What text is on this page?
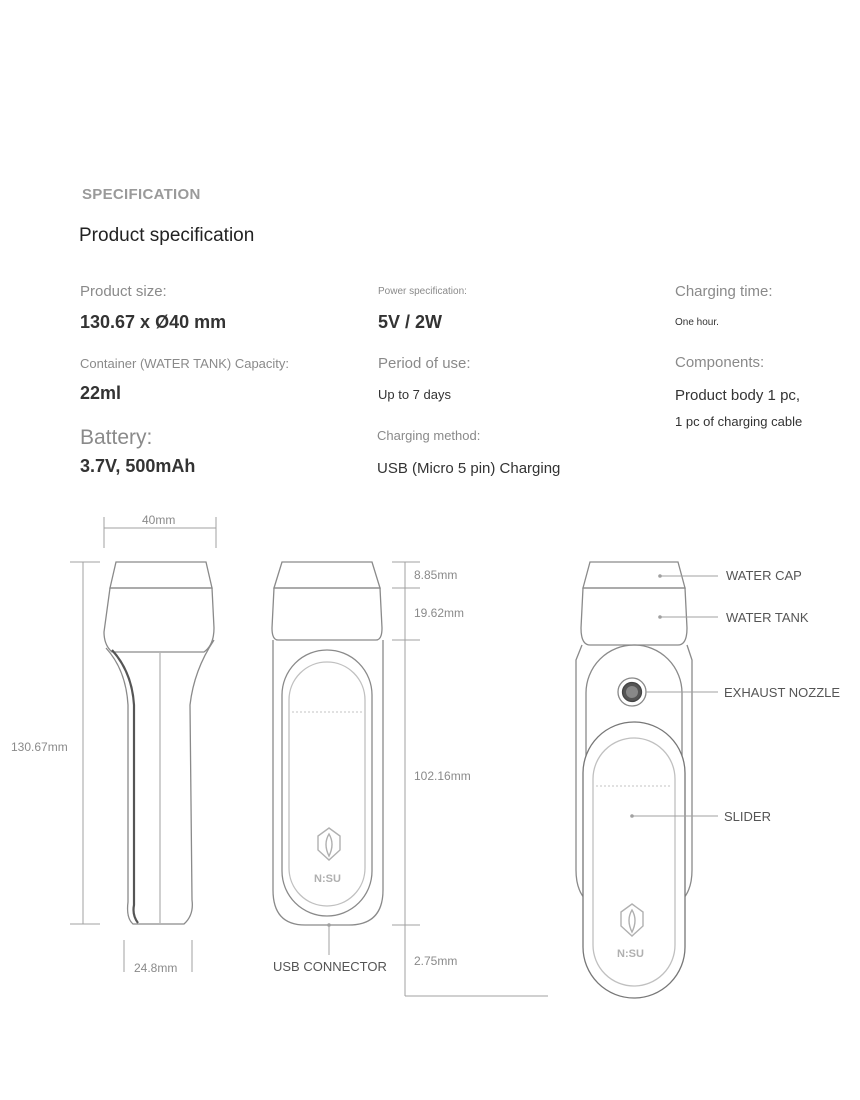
SPECIFICATION
Product specification
Product size:
130.67 x Ø40 mm
Container (WATER TANK) Capacity:
22ml
Battery:
3.7V, 500mAh
Power specification:
5V / 2W
Period of use:
Up to 7 days
Charging method:
USB (Micro 5 pin) Charging
Charging time:
One hour.
Components:
Product body 1 pc,
1 pc of charging cable
40mm
130.67mm
24.8mm
8.85mm
19.62mm
102.16mm
2.75mm
USB CONNECTOR
WATER CAP
WATER TANK
EXHAUST NOZZLE
SLIDER
N:SU
N:SU
